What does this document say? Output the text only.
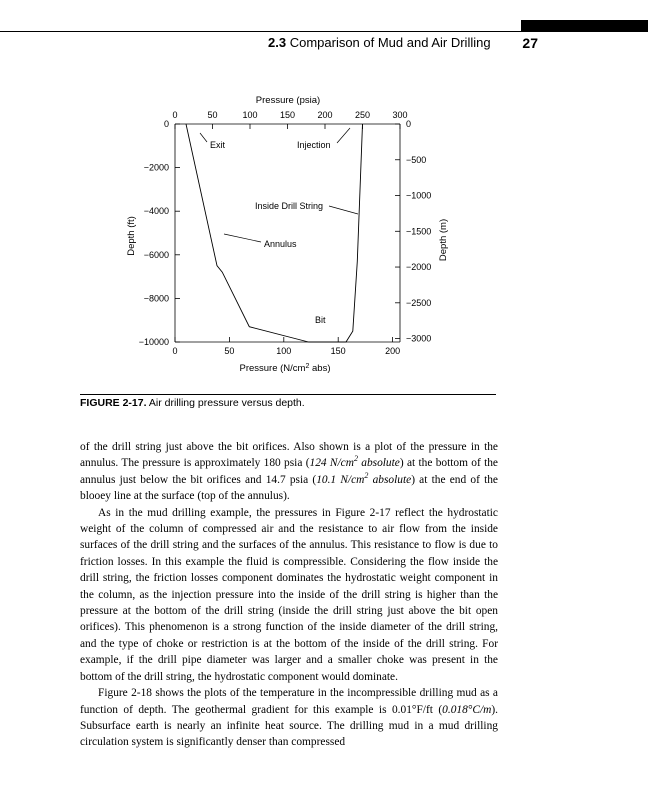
2.3 Comparison of Mud and Air Drilling 27
Pressure (psia)
0	50	100 150 200 250 300
0	50	100	150	200
0
−2000
−4000
−6000
−8000
−10000
0
−500
−1000
−1500
−2000
−2500
−3000
Depth (ft)	Depth (m)
Pressure ($N/cm^2$ abs)
Exit	Injection
Inside Drill String
Annulus
Bit
FIGURE 2-17. Air drilling pressure versus depth.

of the drill string just above the bit orifices. Also shown is a plot of the pressure in the annulus. The pressure is approximately 180 psia (124 $N/cm^2$ absolute) at the bottom of the annulus just below the bit orifices and 14.7 psia (10.1 $N/cm^2$ absolute) at the end of the blooey line at the surface (top of the annulus).

As in the mud drilling example, the pressures in Figure 2-17 reflect the hydrostatic weight of the column of compressed air and the resistance to air flow from the inside surfaces of the drill string and the surfaces of the annulus. This resistance to flow is due to friction losses. In this example the fluid is compressible. Considering the flow inside the drill string, the friction losses component dominates the hydrostatic weight component in the column, as the injection pressure into the inside of the drill string is higher than the pressure at the bottom of the drill string (inside the drill string just above the bit open orifices). This phenomenon is a strong function of the inside diameter of the drill string, and the type of choke or restriction is at the bottom of the inside of the drill string. For example, if the drill pipe diameter was larger and a smaller choke was present in the bottom of the drill string, the hydrostatic component would dominate.

Figure 2-18 shows the plots of the temperature in the incompressible drilling mud as a function of depth. The geothermal gradient for this example is 0.01°F/ft (0.018°C/m). Subsurface earth is nearly an infinite heat source. The drilling mud in a mud drilling circulation system is significantly denser than compressed
